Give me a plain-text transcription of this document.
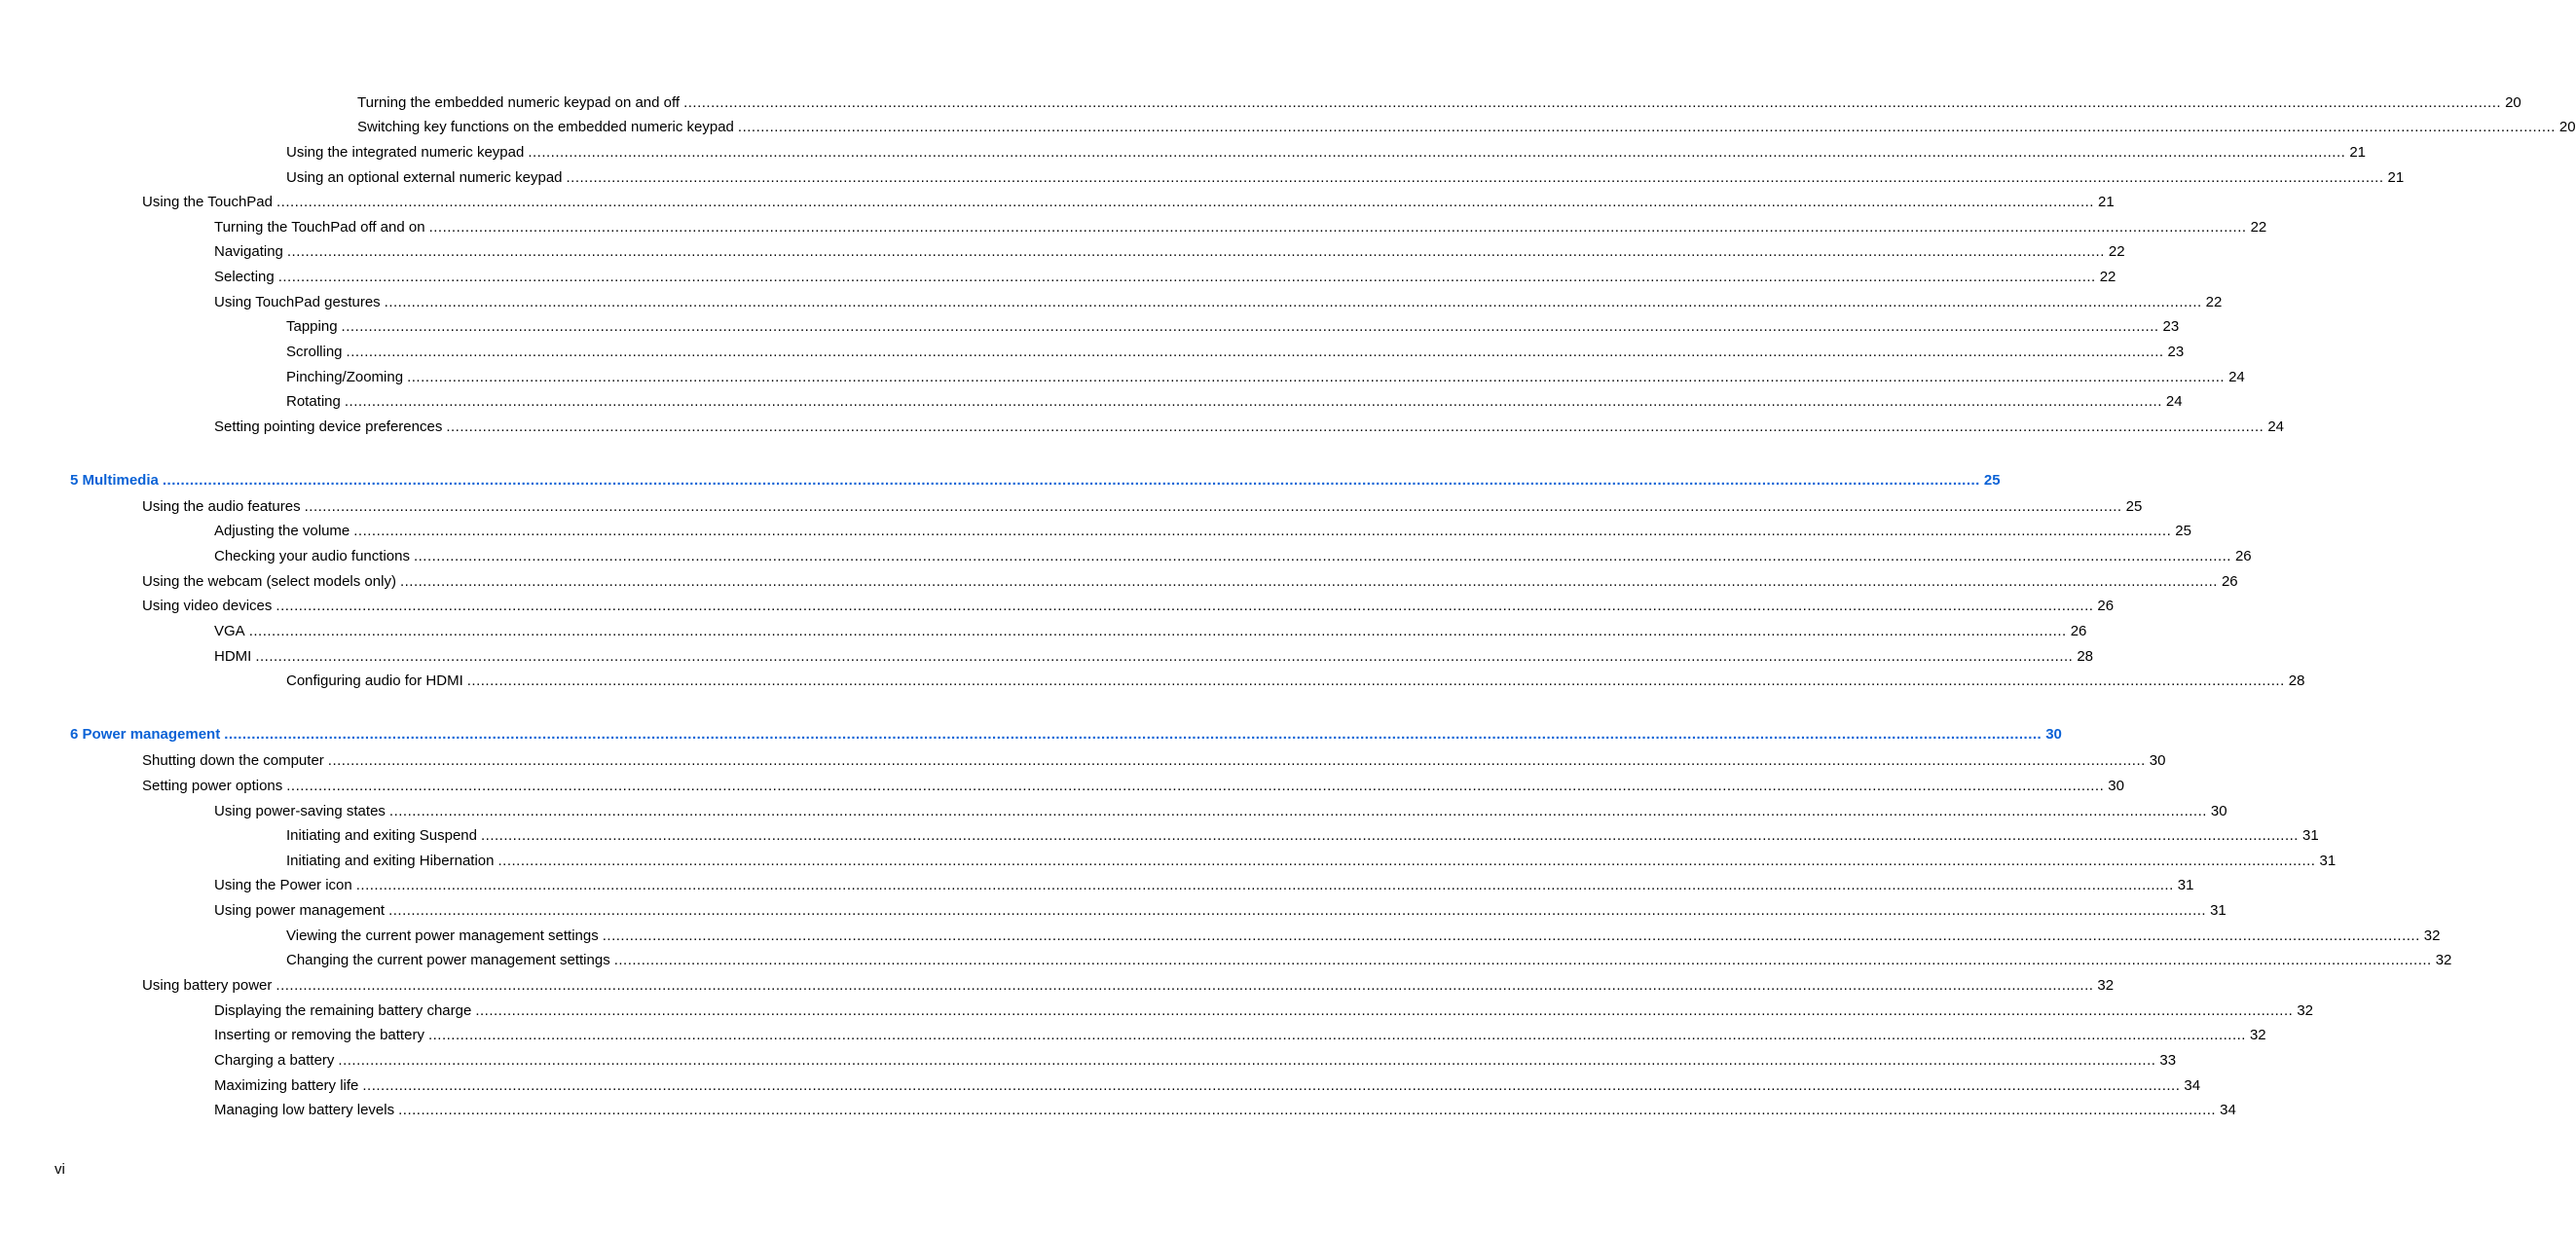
Turning the embedded numeric keypad on and off ................................................................................................................................................................................................................................................................................................................................................................................................................ 20
Switching key functions on the embedded numeric keypad ................................................................................................................................................................................................................................................................................................................................................................................................................ 20
Using the integrated numeric keypad ................................................................................................................................................................................................................................................................................................................................................................................................................ 21
Using an optional external numeric keypad ................................................................................................................................................................................................................................................................................................................................................................................................................ 21
Using the TouchPad ................................................................................................................................................................................................................................................................................................................................................................................................................ 21
Turning the TouchPad off and on ................................................................................................................................................................................................................................................................................................................................................................................................................ 22
Navigating ................................................................................................................................................................................................................................................................................................................................................................................................................ 22
Selecting ................................................................................................................................................................................................................................................................................................................................................................................................................ 22
Using TouchPad gestures ................................................................................................................................................................................................................................................................................................................................................................................................................ 22
Tapping ................................................................................................................................................................................................................................................................................................................................................................................................................ 23
Scrolling ................................................................................................................................................................................................................................................................................................................................................................................................................ 23
Pinching/Zooming ................................................................................................................................................................................................................................................................................................................................................................................................................ 24
Rotating ................................................................................................................................................................................................................................................................................................................................................................................................................ 24
Setting pointing device preferences ................................................................................................................................................................................................................................................................................................................................................................................................................ 24
5 Multimedia ................................................................................................................................................................................................................................................................................................................................................................................................................ 25
Using the audio features ................................................................................................................................................................................................................................................................................................................................................................................................................ 25
Adjusting the volume ................................................................................................................................................................................................................................................................................................................................................................................................................ 25
Checking your audio functions ................................................................................................................................................................................................................................................................................................................................................................................................................ 26
Using the webcam (select models only) ................................................................................................................................................................................................................................................................................................................................................................................................................ 26
Using video devices ................................................................................................................................................................................................................................................................................................................................................................................................................ 26
VGA ................................................................................................................................................................................................................................................................................................................................................................................................................ 26
HDMI ................................................................................................................................................................................................................................................................................................................................................................................................................ 28
Configuring audio for HDMI ................................................................................................................................................................................................................................................................................................................................................................................................................ 28
6 Power management ................................................................................................................................................................................................................................................................................................................................................................................................................ 30
Shutting down the computer ................................................................................................................................................................................................................................................................................................................................................................................................................ 30
Setting power options ................................................................................................................................................................................................................................................................................................................................................................................................................ 30
Using power-saving states ................................................................................................................................................................................................................................................................................................................................................................................................................ 30
Initiating and exiting Suspend ................................................................................................................................................................................................................................................................................................................................................................................................................ 31
Initiating and exiting Hibernation ................................................................................................................................................................................................................................................................................................................................................................................................................ 31
Using the Power icon ................................................................................................................................................................................................................................................................................................................................................................................................................ 31
Using power management ................................................................................................................................................................................................................................................................................................................................................................................................................ 31
Viewing the current power management settings ................................................................................................................................................................................................................................................................................................................................................................................................................ 32
Changing the current power management settings ................................................................................................................................................................................................................................................................................................................................................................................................................ 32
Using battery power ................................................................................................................................................................................................................................................................................................................................................................................................................ 32
Displaying the remaining battery charge ................................................................................................................................................................................................................................................................................................................................................................................................................ 32
Inserting or removing the battery ................................................................................................................................................................................................................................................................................................................................................................................................................ 32
Charging a battery ................................................................................................................................................................................................................................................................................................................................................................................................................ 33
Maximizing battery life ................................................................................................................................................................................................................................................................................................................................................................................................................ 34
Managing low battery levels ................................................................................................................................................................................................................................................................................................................................................................................................................ 34
vi
